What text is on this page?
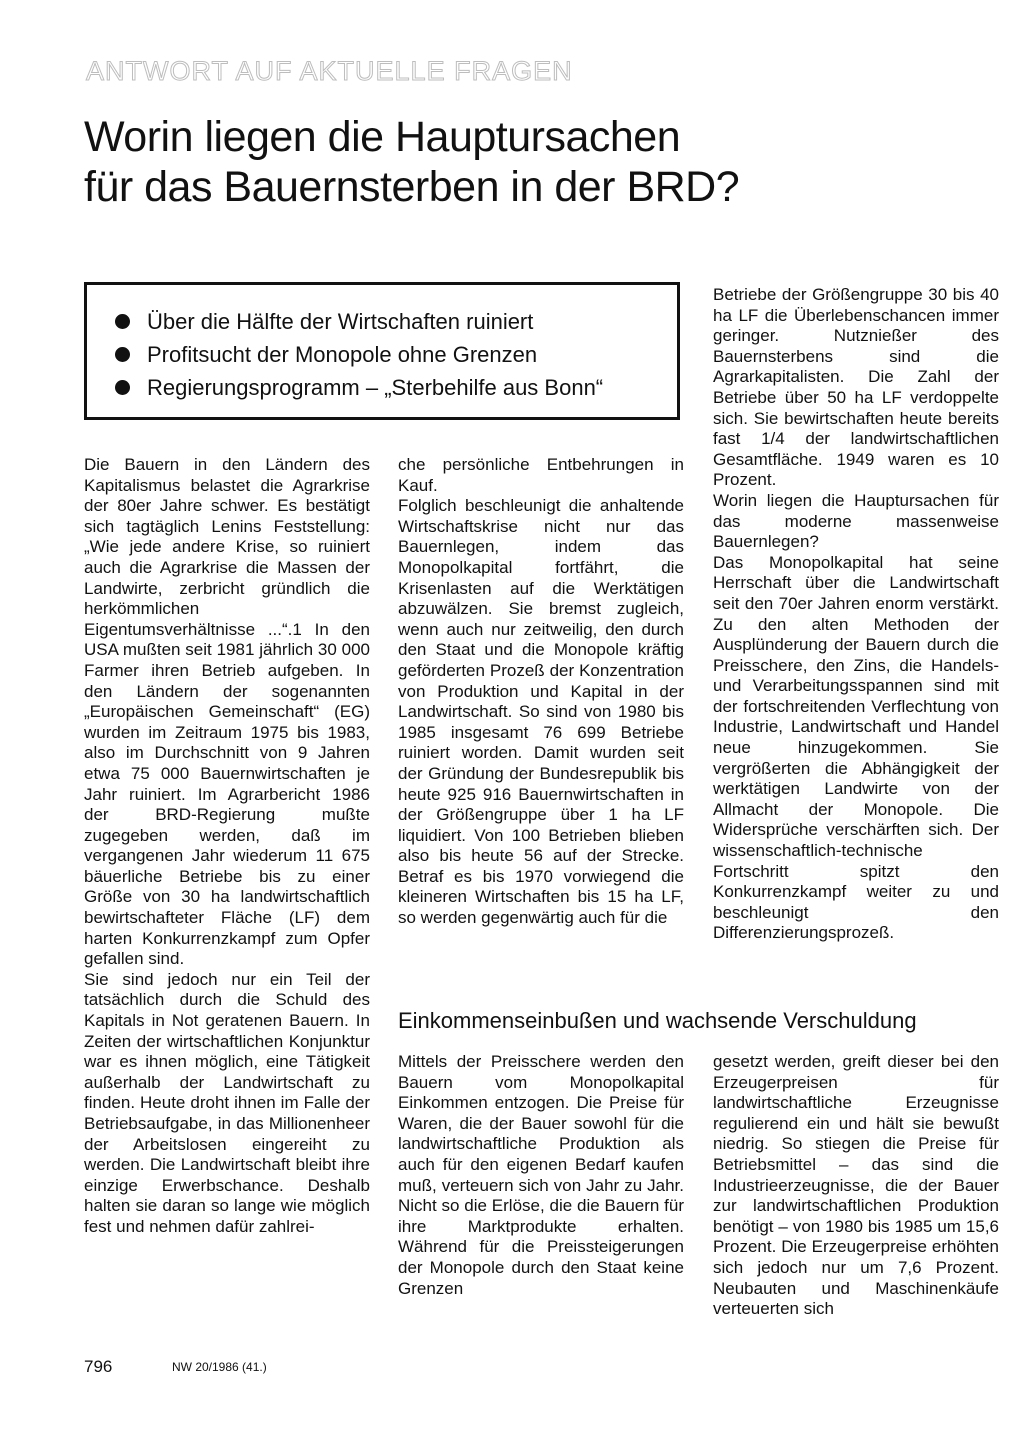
ANTWORT AUF AKTUELLE FRAGEN
Worin liegen die Hauptursachen
für das Bauernsterben in der BRD?
Über die Hälfte der Wirtschaften ruiniert
Profitsucht der Monopole ohne Grenzen
Regierungsprogramm – „Sterbehilfe aus Bonn“

Die Bauern in den Ländern des Kapitalismus belastet die Agrarkrise der 80er Jahre schwer. Es bestätigt sich tagtäglich Lenins Feststellung: „Wie jede andere Krise, so ruiniert auch die Agrarkrise die Massen der Landwirte, zerbricht gründlich die herkömmlichen Eigentumsverhältnisse ...“.1 In den USA mußten seit 1981 jährlich 30 000 Farmer ihren Betrieb aufgeben. In den Ländern der sogenannten „Europäischen Gemeinschaft“ (EG) wurden im Zeitraum 1975 bis 1983, also im Durchschnitt von 9 Jahren etwa 75 000 Bauernwirtschaften je Jahr ruiniert. Im Agrarbericht 1986 der BRD-Regierung mußte zugegeben werden, daß im vergangenen Jahr wiederum 11 675 bäuerliche Betriebe bis zu einer Größe von 30 ha landwirtschaftlich bewirtschafteter Fläche (LF) dem harten Konkurrenzkampf zum Opfer gefallen sind.

Sie sind jedoch nur ein Teil der tatsächlich durch die Schuld des Kapitals in Not geratenen Bauern. In Zeiten der wirtschaftlichen Konjunktur war es ihnen möglich, eine Tätigkeit außerhalb der Landwirtschaft zu finden. Heute droht ihnen im Falle der Betriebsaufgabe, in das Millionenheer der Arbeitslosen eingereiht zu werden. Die Landwirtschaft bleibt ihre einzige Erwerbschance. Deshalb halten sie daran so lange wie möglich fest und nehmen dafür zahlrei-

che persönliche Entbehrungen in Kauf.

Folglich beschleunigt die anhaltende Wirtschaftskrise nicht nur das Bauernlegen, indem das Monopolkapital fortfährt, die Krisenlasten auf die Werktätigen abzuwälzen. Sie bremst zugleich, wenn auch nur zeitweilig, den durch den Staat und die Monopole kräftig geförderten Prozeß der Konzentration von Produktion und Kapital in der Landwirtschaft. So sind von 1980 bis 1985 insgesamt 76 699 Betriebe ruiniert worden. Damit wurden seit der Gründung der Bundesrepublik bis heute 925 916 Bauernwirtschaften in der Größengruppe über 1 ha LF liquidiert. Von 100 Betrieben blieben also bis heute 56 auf der Strecke. Betraf es bis 1970 vorwiegend die kleineren Wirtschaften bis 15 ha LF, so werden gegenwärtig auch für die

Betriebe der Größengruppe 30 bis 40 ha LF die Überlebenschancen immer geringer. Nutznießer des Bauernsterbens sind die Agrarkapitalisten. Die Zahl der Betriebe über 50 ha LF verdoppelte sich. Sie bewirtschaften heute bereits fast 1/4 der landwirtschaftlichen Gesamtfläche. 1949 waren es 10 Prozent.

Worin liegen die Hauptursachen für das moderne massenweise Bauernlegen?

Das Monopolkapital hat seine Herrschaft über die Landwirtschaft seit den 70er Jahren enorm verstärkt. Zu den alten Methoden der Ausplünderung der Bauern durch die Preisschere, den Zins, die Handels- und Verarbeitungsspannen sind mit der fortschreitenden Verflechtung von Industrie, Landwirtschaft und Handel neue hinzugekommen. Sie vergrößerten die Abhängigkeit der werktätigen Landwirte von der Allmacht der Monopole. Die Widersprüche verschärften sich. Der wissenschaftlich-technische Fortschritt spitzt den Konkurrenzkampf weiter zu und beschleunigt den Differenzierungsprozeß.

Einkommenseinbußen und wachsende Verschuldung

Mittels der Preisschere werden den Bauern vom Monopolkapital Einkommen entzogen. Die Preise für Waren, die der Bauer sowohl für die landwirtschaftliche Produktion als auch für den eigenen Bedarf kaufen muß, verteuern sich von Jahr zu Jahr. Nicht so die Erlöse, die die Bauern für ihre Marktprodukte erhalten. Während für die Preissteigerungen der Monopole durch den Staat keine Grenzen

gesetzt werden, greift dieser bei den Erzeugerpreisen für landwirtschaftliche Erzeugnisse regulierend ein und hält sie bewußt niedrig. So stiegen die Preise für Betriebsmittel – das sind die Industrieerzeugnisse, die der Bauer zur landwirtschaftlichen Produktion benötigt – von 1980 bis 1985 um 15,6 Prozent. Die Erzeugerpreise erhöhten sich jedoch nur um 7,6 Prozent. Neubauten und Maschinenkäufe verteuerten sich

796	NW 20/1986 (41.)
